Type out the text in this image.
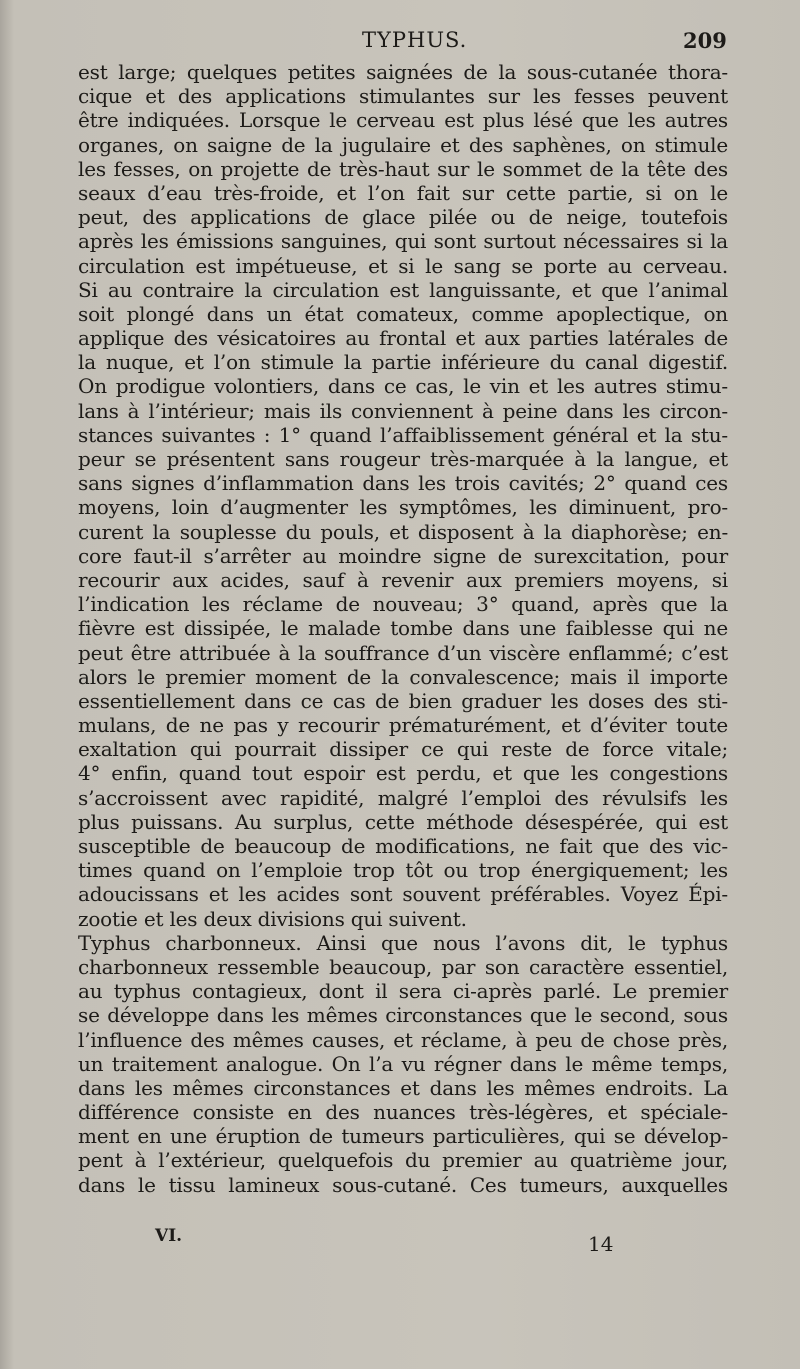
TYPHUS.	209
est large; quelques petites saignées de la sous-cutanée thora-
cique et des applications stimulantes sur les fesses peuvent
être indiquées. Lorsque le cerveau est plus lésé que les autres
organes, on saigne de la jugulaire et des saphènes, on stimule
les fesses, on projette de très-haut sur le sommet de la tête des
seaux d’eau très-froide, et l’on fait sur cette partie, si on le
peut, des applications de glace pilée ou de neige, toutefois
après les émissions sanguines, qui sont surtout nécessaires si la
circulation est impétueuse, et si le sang se porte au cerveau.
Si au contraire la circulation est languissante, et que l’animal
soit plongé dans un état comateux, comme apoplectique, on
applique des vésicatoires au frontal et aux parties latérales de
la nuque, et l’on stimule la partie inférieure du canal digestif.
On prodigue volontiers, dans ce cas, le vin et les autres stimu-
lans à l’intérieur; mais ils conviennent à peine dans les circon-
stances suivantes : 1° quand l’affaiblissement général et la stu-
peur se présentent sans rougeur très-marquée à la langue, et
sans signes d’inflammation dans les trois cavités; 2° quand ces
moyens, loin d’augmenter les symptômes, les diminuent, pro-
curent la souplesse du pouls, et disposent à la diaphorèse; en-
core faut-il s’arrêter au moindre signe de surexcitation, pour
recourir aux acides, sauf à revenir aux premiers moyens, si
l’indication les réclame de nouveau; 3° quand, après que la
fièvre est dissipée, le malade tombe dans une faiblesse qui ne
peut être attribuée à la souffrance d’un viscère enflammé; c’est
alors le premier moment de la convalescence; mais il importe
essentiellement dans ce cas de bien graduer les doses des sti-
mulans, de ne pas y recourir prématurément, et d’éviter toute
exaltation qui pourrait dissiper ce qui reste de force vitale;
4° enfin, quand tout espoir est perdu, et que les congestions
s’accroissent avec rapidité, malgré l’emploi des révulsifs les
plus puissans. Au surplus, cette méthode désespérée, qui est
susceptible de beaucoup de modifications, ne fait que des vic-
times quand on l’emploie trop tôt ou trop énergiquement; les
adoucissans et les acides sont souvent préférables. Voyez Épi-
zootie et les deux divisions qui suivent.
Typhus charbonneux. Ainsi que nous l’avons dit, le typhus
charbonneux ressemble beaucoup, par son caractère essentiel,
au typhus contagieux, dont il sera ci-après parlé. Le premier
se développe dans les mêmes circonstances que le second, sous
l’influence des mêmes causes, et réclame, à peu de chose près,
un traitement analogue. On l’a vu régner dans le même temps,
dans les mêmes circonstances et dans les mêmes endroits. La
différence consiste en des nuances très-légères, et spéciale-
ment en une éruption de tumeurs particulières, qui se dévelop-
pent à l’extérieur, quelquefois du premier au quatrième jour,
dans le tissu lamineux sous-cutané. Ces tumeurs, auxquelles
VI.	14
